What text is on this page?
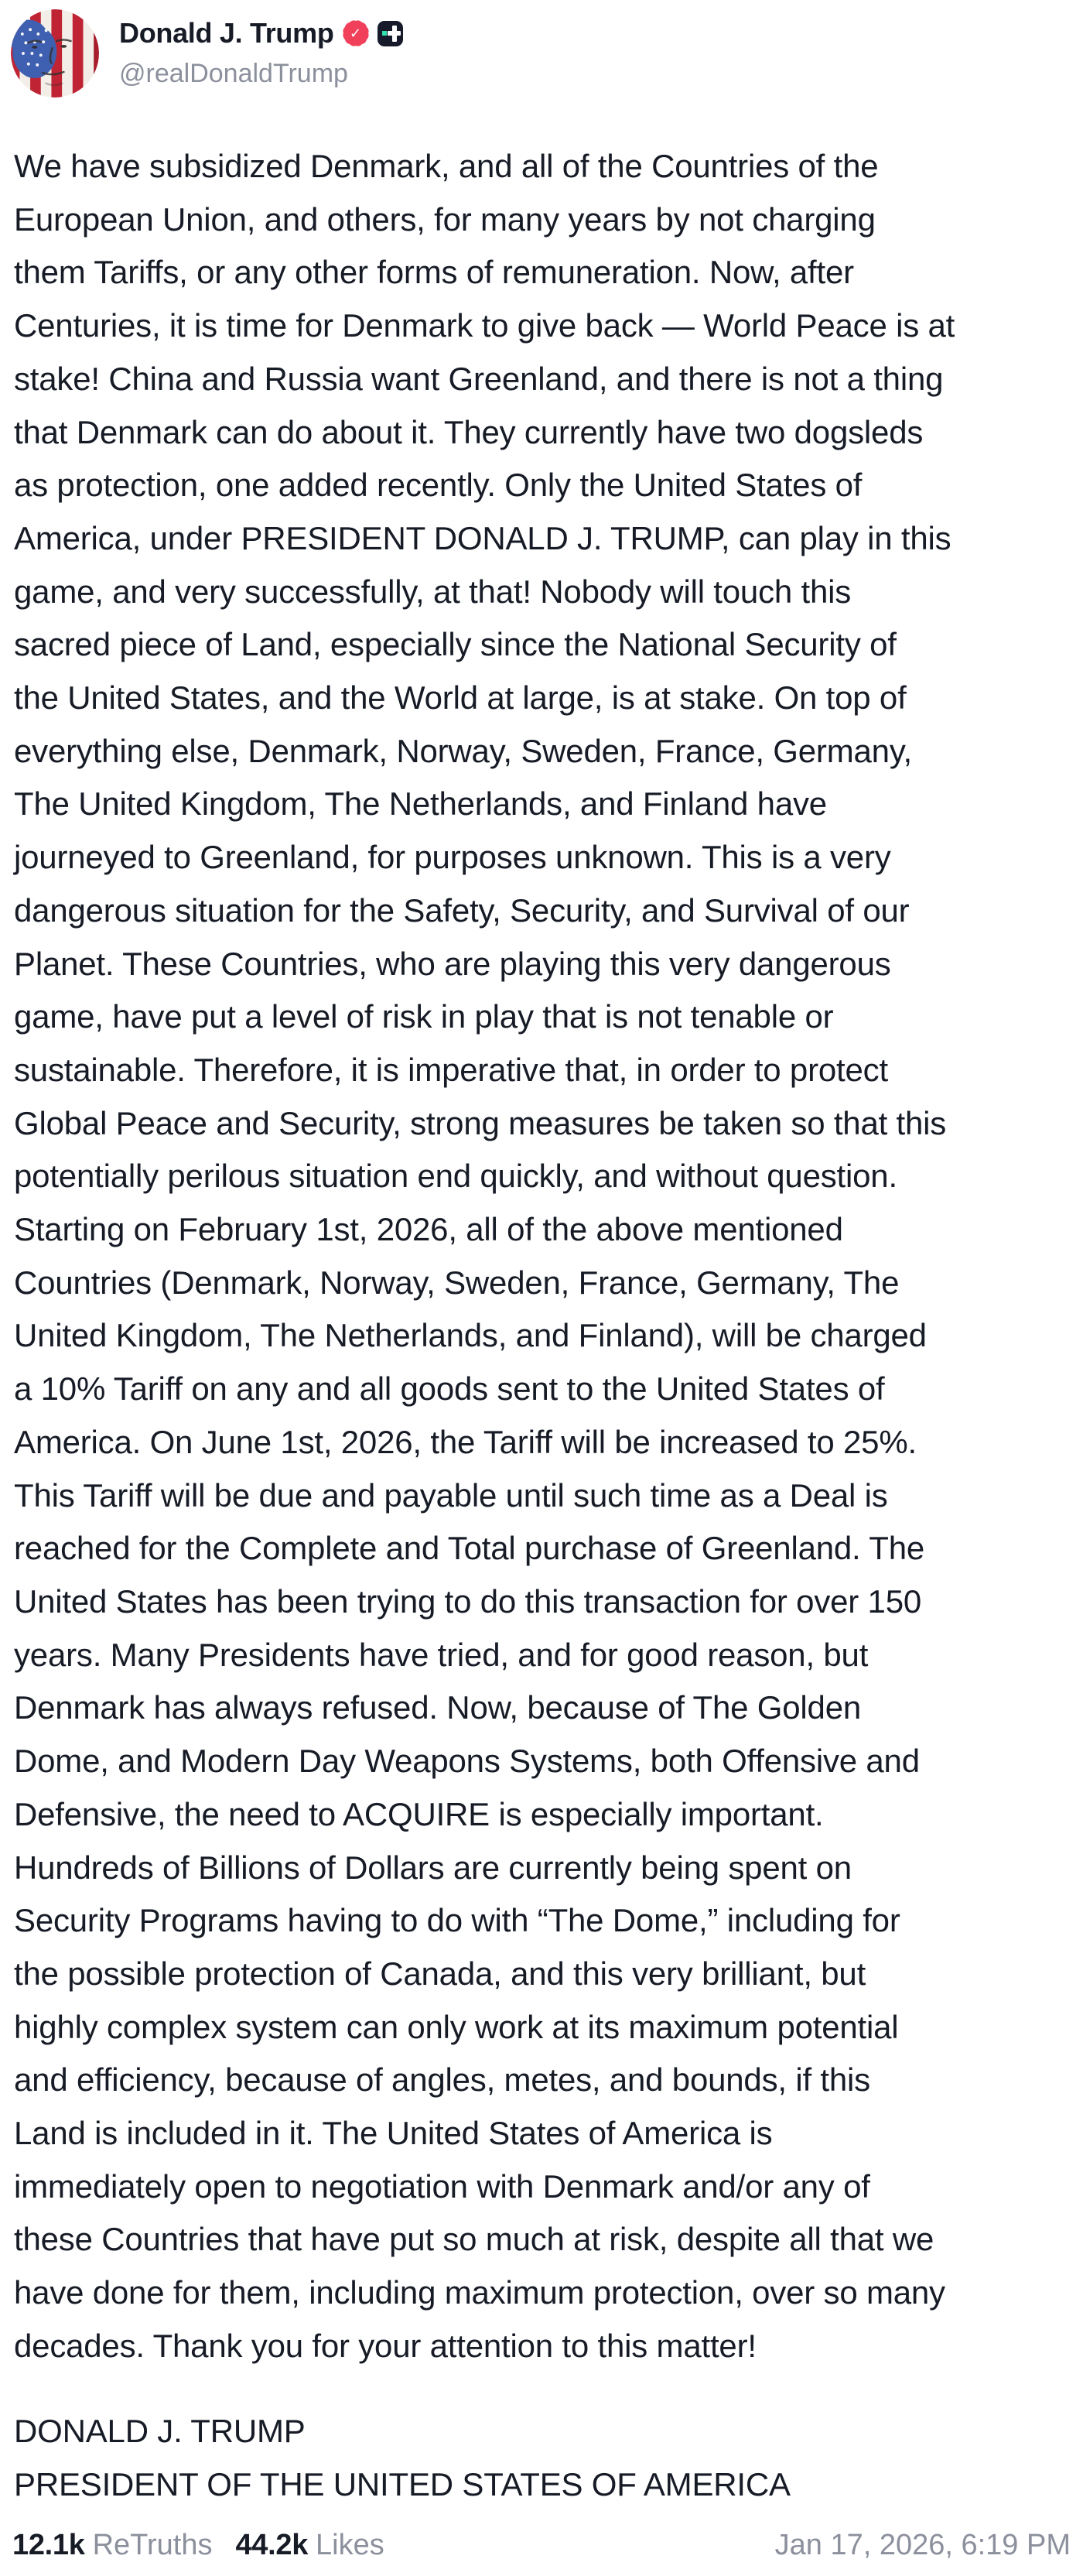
Donald J. Trump	✓
@realDonaldTrump
We have subsidized Denmark, and all of the Countries of the
European Union, and others, for many years by not charging
them Tariffs, or any other forms of remuneration. Now, after
Centuries, it is time for Denmark to give back — World Peace is at
stake! China and Russia want Greenland, and there is not a thing
that Denmark can do about it. They currently have two dogsleds
as protection, one added recently. Only the United States of
America, under PRESIDENT DONALD J. TRUMP, can play in this
game, and very successfully, at that! Nobody will touch this
sacred piece of Land, especially since the National Security of
the United States, and the World at large, is at stake. On top of
everything else, Denmark, Norway, Sweden, France, Germany,
The United Kingdom, The Netherlands, and Finland have
journeyed to Greenland, for purposes unknown. This is a very
dangerous situation for the Safety, Security, and Survival of our
Planet. These Countries, who are playing this very dangerous
game, have put a level of risk in play that is not tenable or
sustainable. Therefore, it is imperative that, in order to protect
Global Peace and Security, strong measures be taken so that this
potentially perilous situation end quickly, and without question.
Starting on February 1st, 2026, all of the above mentioned
Countries (Denmark, Norway, Sweden, France, Germany, The
United Kingdom, The Netherlands, and Finland), will be charged
a 10% Tariff on any and all goods sent to the United States of
America. On June 1st, 2026, the Tariff will be increased to 25%.
This Tariff will be due and payable until such time as a Deal is
reached for the Complete and Total purchase of Greenland. The
United States has been trying to do this transaction for over 150
years. Many Presidents have tried, and for good reason, but
Denmark has always refused. Now, because of The Golden
Dome, and Modern Day Weapons Systems, both Offensive and
Defensive, the need to ACQUIRE is especially important.
Hundreds of Billions of Dollars are currently being spent on
Security Programs having to do with “The Dome,” including for
the possible protection of Canada, and this very brilliant, but
highly complex system can only work at its maximum potential
and efficiency, because of angles, metes, and bounds, if this
Land is included in it. The United States of America is
immediately open to negotiation with Denmark and/or any of
these Countries that have put so much at risk, despite all that we
have done for them, including maximum protection, over so many
decades. Thank you for your attention to this matter!
DONALD J. TRUMP
PRESIDENT OF THE UNITED STATES OF AMERICA
12.1k ReTruths 44.2k Likes	Jan 17, 2026, 6:19 PM
